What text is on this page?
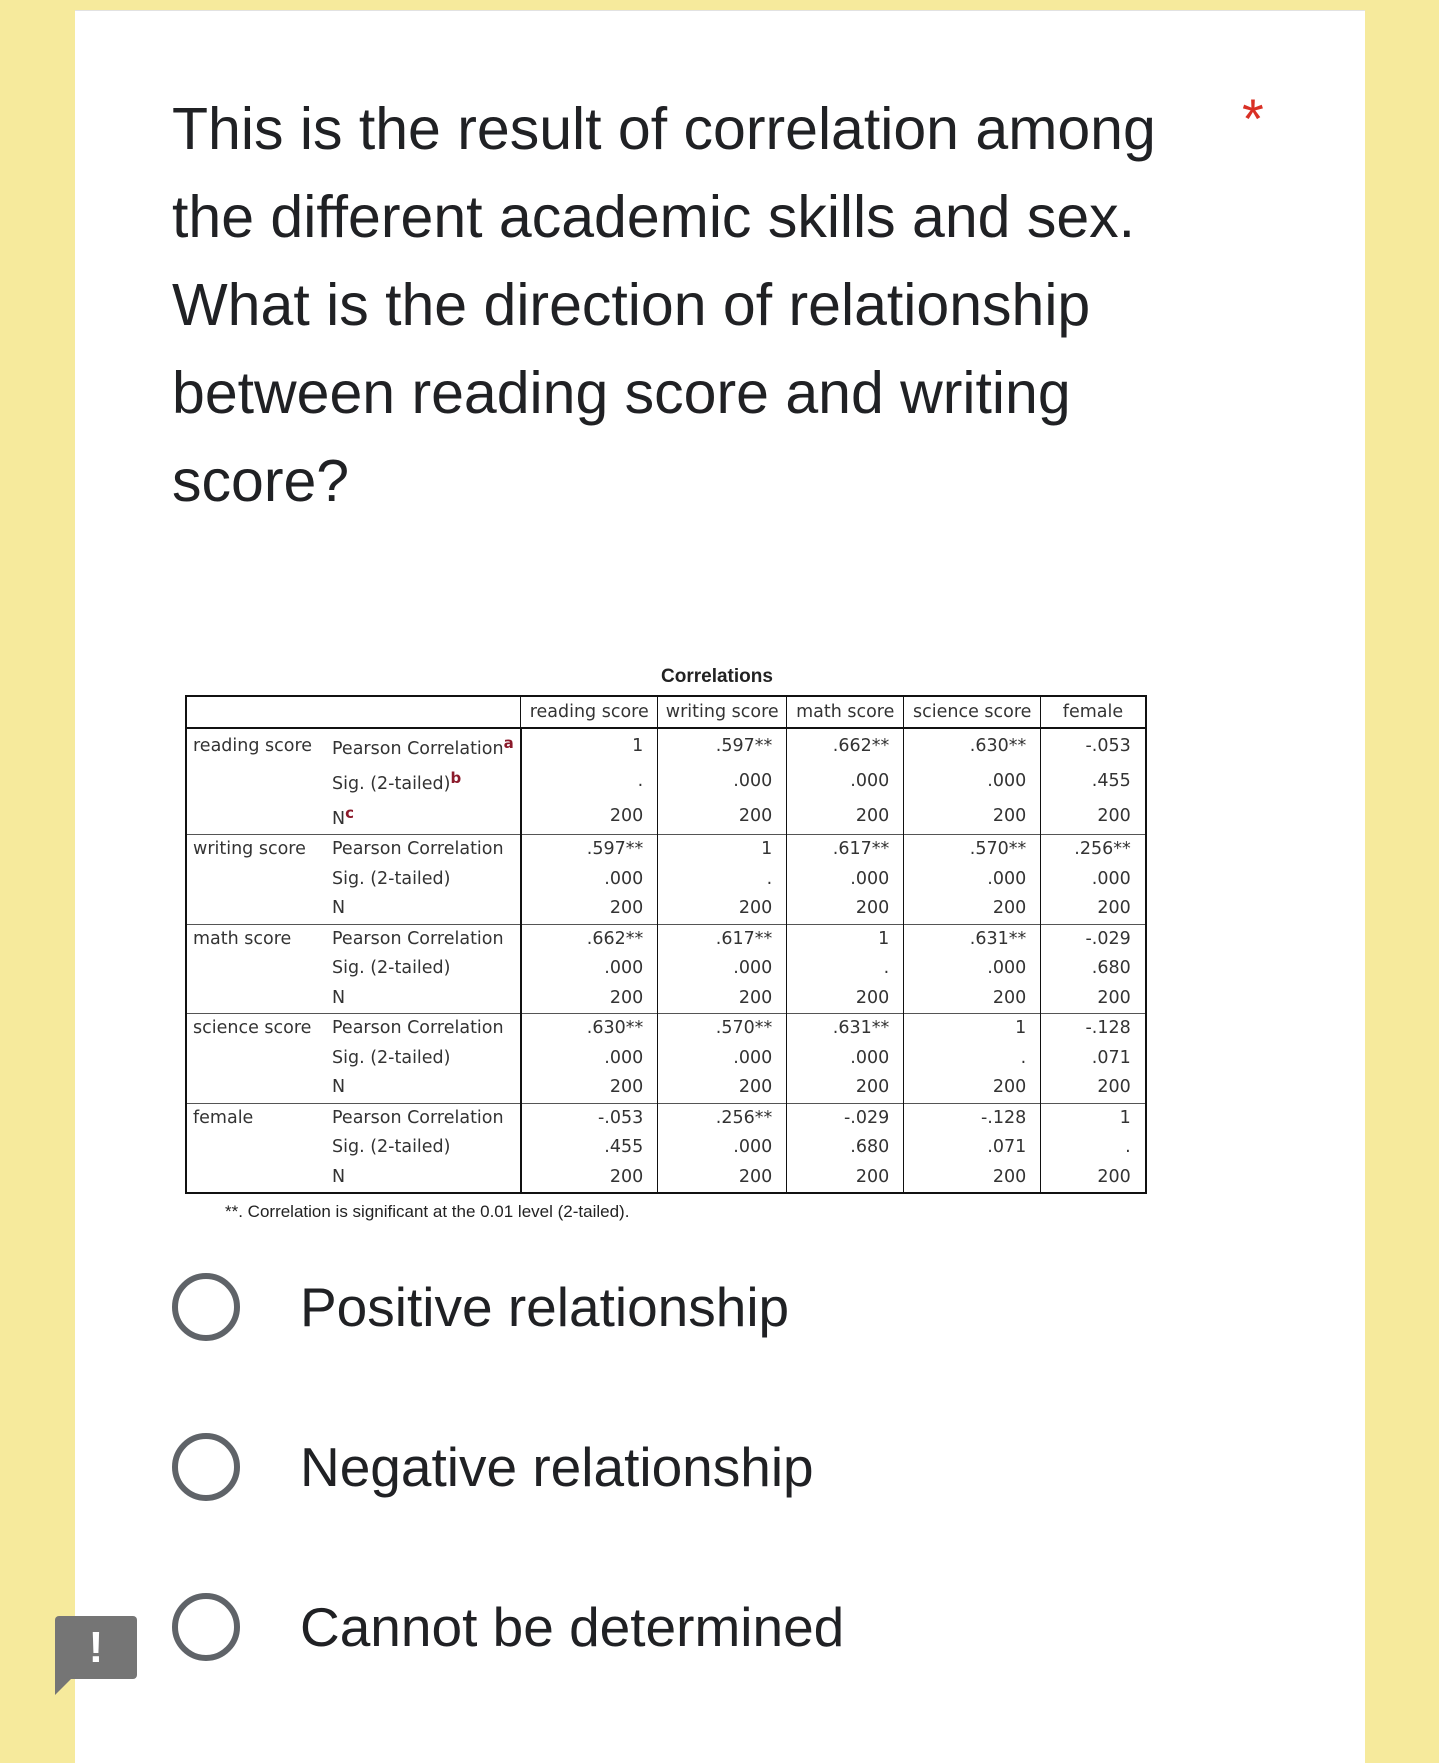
This is the result of correlation among the different academic skills and sex. What is the direction of relationship between reading score and writing score?

*
Correlations
		reading score	writing score	math score	science score	female
reading score	Pearson Correlationa	1	.597**	.662**	.630**	-.053
	Sig. (2-tailed)b	.	.000	.000	.000	.455
	Nc	200	200	200	200	200
writing score	Pearson Correlation	.597**	1	.617**	.570**	.256**
	Sig. (2-tailed)	.000	.	.000	.000	.000
	N	200	200	200	200	200
math score	Pearson Correlation	.662**	.617**	1	.631**	-.029
	Sig. (2-tailed)	.000	.000	.	.000	.680
	N	200	200	200	200	200
science score	Pearson Correlation	.630**	.570**	.631**	1	-.128
	Sig. (2-tailed)	.000	.000	.000	.	.071
	N	200	200	200	200	200
female	Pearson Correlation	-.053	.256**	-.029	-.128	1
	Sig. (2-tailed)	.455	.000	.680	.071	.
	N	200	200	200	200	200
**. Correlation is significant at the 0.01 level (2-tailed).
Positive relationship
Negative relationship
Cannot be determined
!
